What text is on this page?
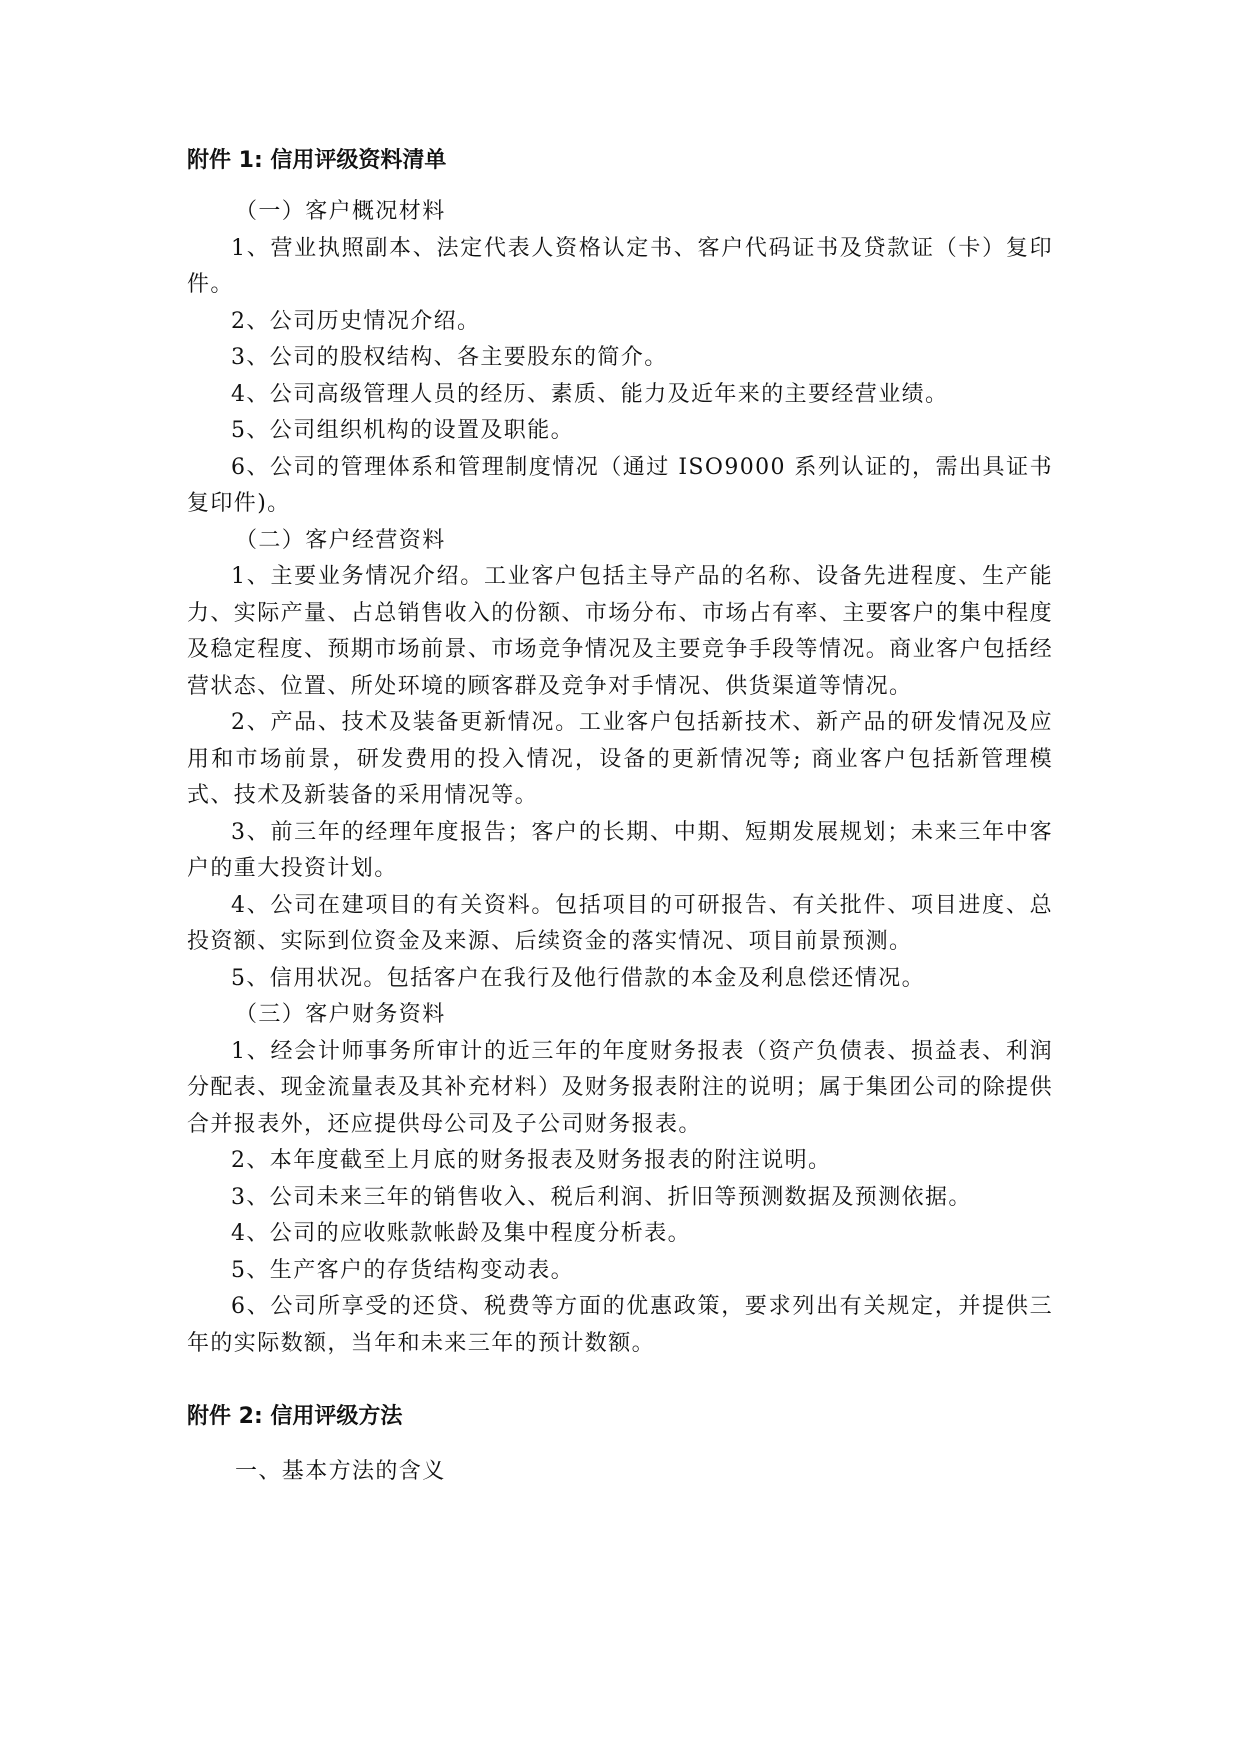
附件 1: 信用评级资料清单

（一）客户概况材料

1、营业执照副本、法定代表人资格认定书、客户代码证书及贷款证（卡）复印件。

2、公司历史情况介绍。

3、公司的股权结构、各主要股东的简介。

4、公司高级管理人员的经历、素质、能力及近年来的主要经营业绩。

5、公司组织机构的设置及职能。

6、公司的管理体系和管理制度情况（通过 ISO9000 系列认证的，需出具证书复印件)。

（二）客户经营资料

1、主要业务情况介绍。工业客户包括主导产品的名称、设备先进程度、生产能力、实际产量、占总销售收入的份额、市场分布、市场占有率、主要客户的集中程度及稳定程度、预期市场前景、市场竞争情况及主要竞争手段等情况。商业客户包括经营状态、位置、所处环境的顾客群及竞争对手情况、供货渠道等情况。

2、产品、技术及装备更新情况。工业客户包括新技术、新产品的研发情况及应用和市场前景，研发费用的投入情况，设备的更新情况等; 商业客户包括新管理模式、技术及新装备的采用情况等。

3、前三年的经理年度报告；客户的长期、中期、短期发展规划；未来三年中客户的重大投资计划。

4、公司在建项目的有关资料。包括项目的可研报告、有关批件、项目进度、总投资额、实际到位资金及来源、后续资金的落实情况、项目前景预测。

5、信用状况。包括客户在我行及他行借款的本金及利息偿还情况。

（三）客户财务资料

1、经会计师事务所审计的近三年的年度财务报表（资产负债表、损益表、利润分配表、现金流量表及其补充材料）及财务报表附注的说明；属于集团公司的除提供合并报表外，还应提供母公司及子公司财务报表。

2、本年度截至上月底的财务报表及财务报表的附注说明。

3、公司未来三年的销售收入、税后利润、折旧等预测数据及预测依据。

4、公司的应收账款帐龄及集中程度分析表。

5、生产客户的存货结构变动表。

6、公司所享受的还贷、税费等方面的优惠政策，要求列出有关规定，并提供三年的实际数额，当年和未来三年的预计数额。

附件 2: 信用评级方法

一、基本方法的含义
